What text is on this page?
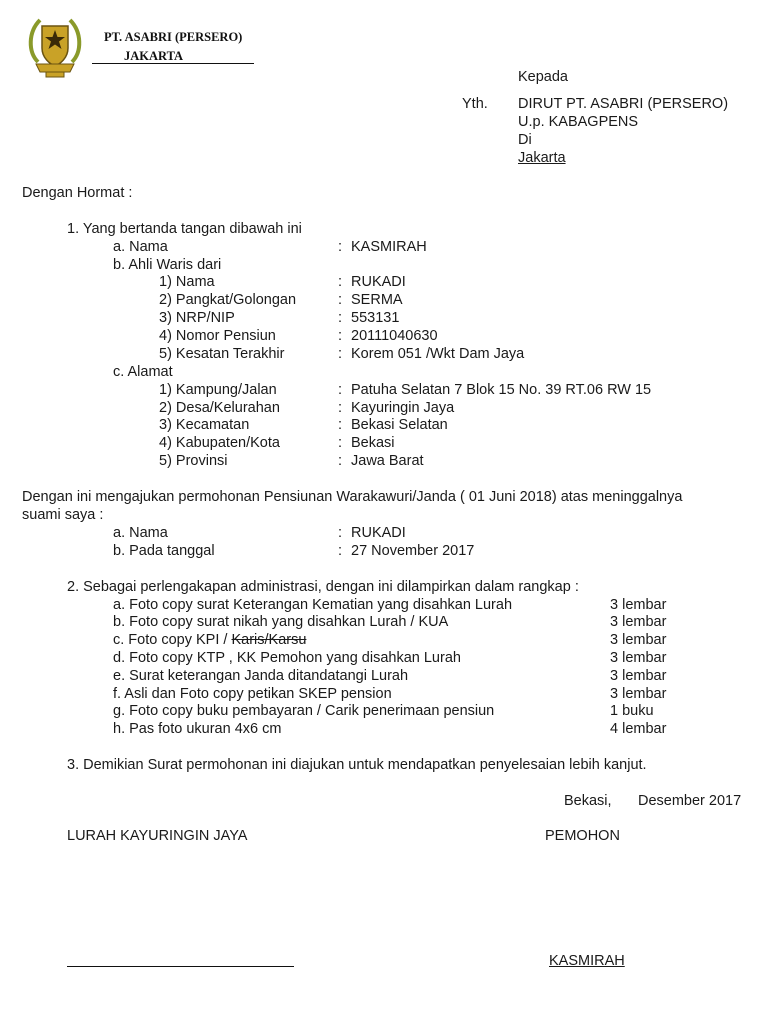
PT. ASABRI (PERSERO)
JAKARTA
Kepada
Yth. DIRUT PT. ASABRI (PERSERO)
U.p. KABAGPENS
Di
Jakarta
Dengan Hormat :
1. Yang bertanda tangan dibawah ini
a. Nama	: KASMIRAH
b. Ahli Waris dari
1) Nama	: RUKADI
2) Pangkat/Golongan	: SERMA
3) NRP/NIP	: 553131
4) Nomor Pensiun	: 20111040630
5) Kesatan Terakhir	: Korem 051 /Wkt Dam Jaya
c. Alamat
1) Kampung/Jalan	: Patuha Selatan 7 Blok 15 No. 39 RT.06 RW 15
2) Desa/Kelurahan	: Kayuringin Jaya
3) Kecamatan	: Bekasi Selatan
4) Kabupaten/Kota	: Bekasi
5) Provinsi	: Jawa Barat
Dengan ini mengajukan permohonan Pensiunan Warakawuri/Janda ( 01 Juni 2018) atas meninggalnya
suami saya :
a. Nama	: RUKADI
b. Pada tanggal	: 27 November 2017
2. Sebagai perlengakapan administrasi, dengan ini dilampirkan dalam rangkap :
a. Foto copy surat Keterangan Kematian yang disahkan Lurah	3 lembar
b. Foto copy surat nikah yang disahkan Lurah / KUA	3 lembar
c. Foto copy KPI / Karis/Karsu	3 lembar
d. Foto copy KTP , KK Pemohon yang disahkan Lurah	3 lembar
e. Surat keterangan Janda ditandatangi Lurah	3 lembar
f. Asli dan Foto copy petikan SKEP pension	3 lembar
g. Foto copy buku pembayaran / Carik penerimaan pensiun	1 buku
h. Pas foto ukuran 4x6 cm	4 lembar
3. Demikian Surat permohonan ini diajukan untuk mendapatkan penyelesaian lebih kanjut.
Bekasi, Desember 2017
LURAH KAYURINGIN JAYA	PEMOHON
KASMIRAH
